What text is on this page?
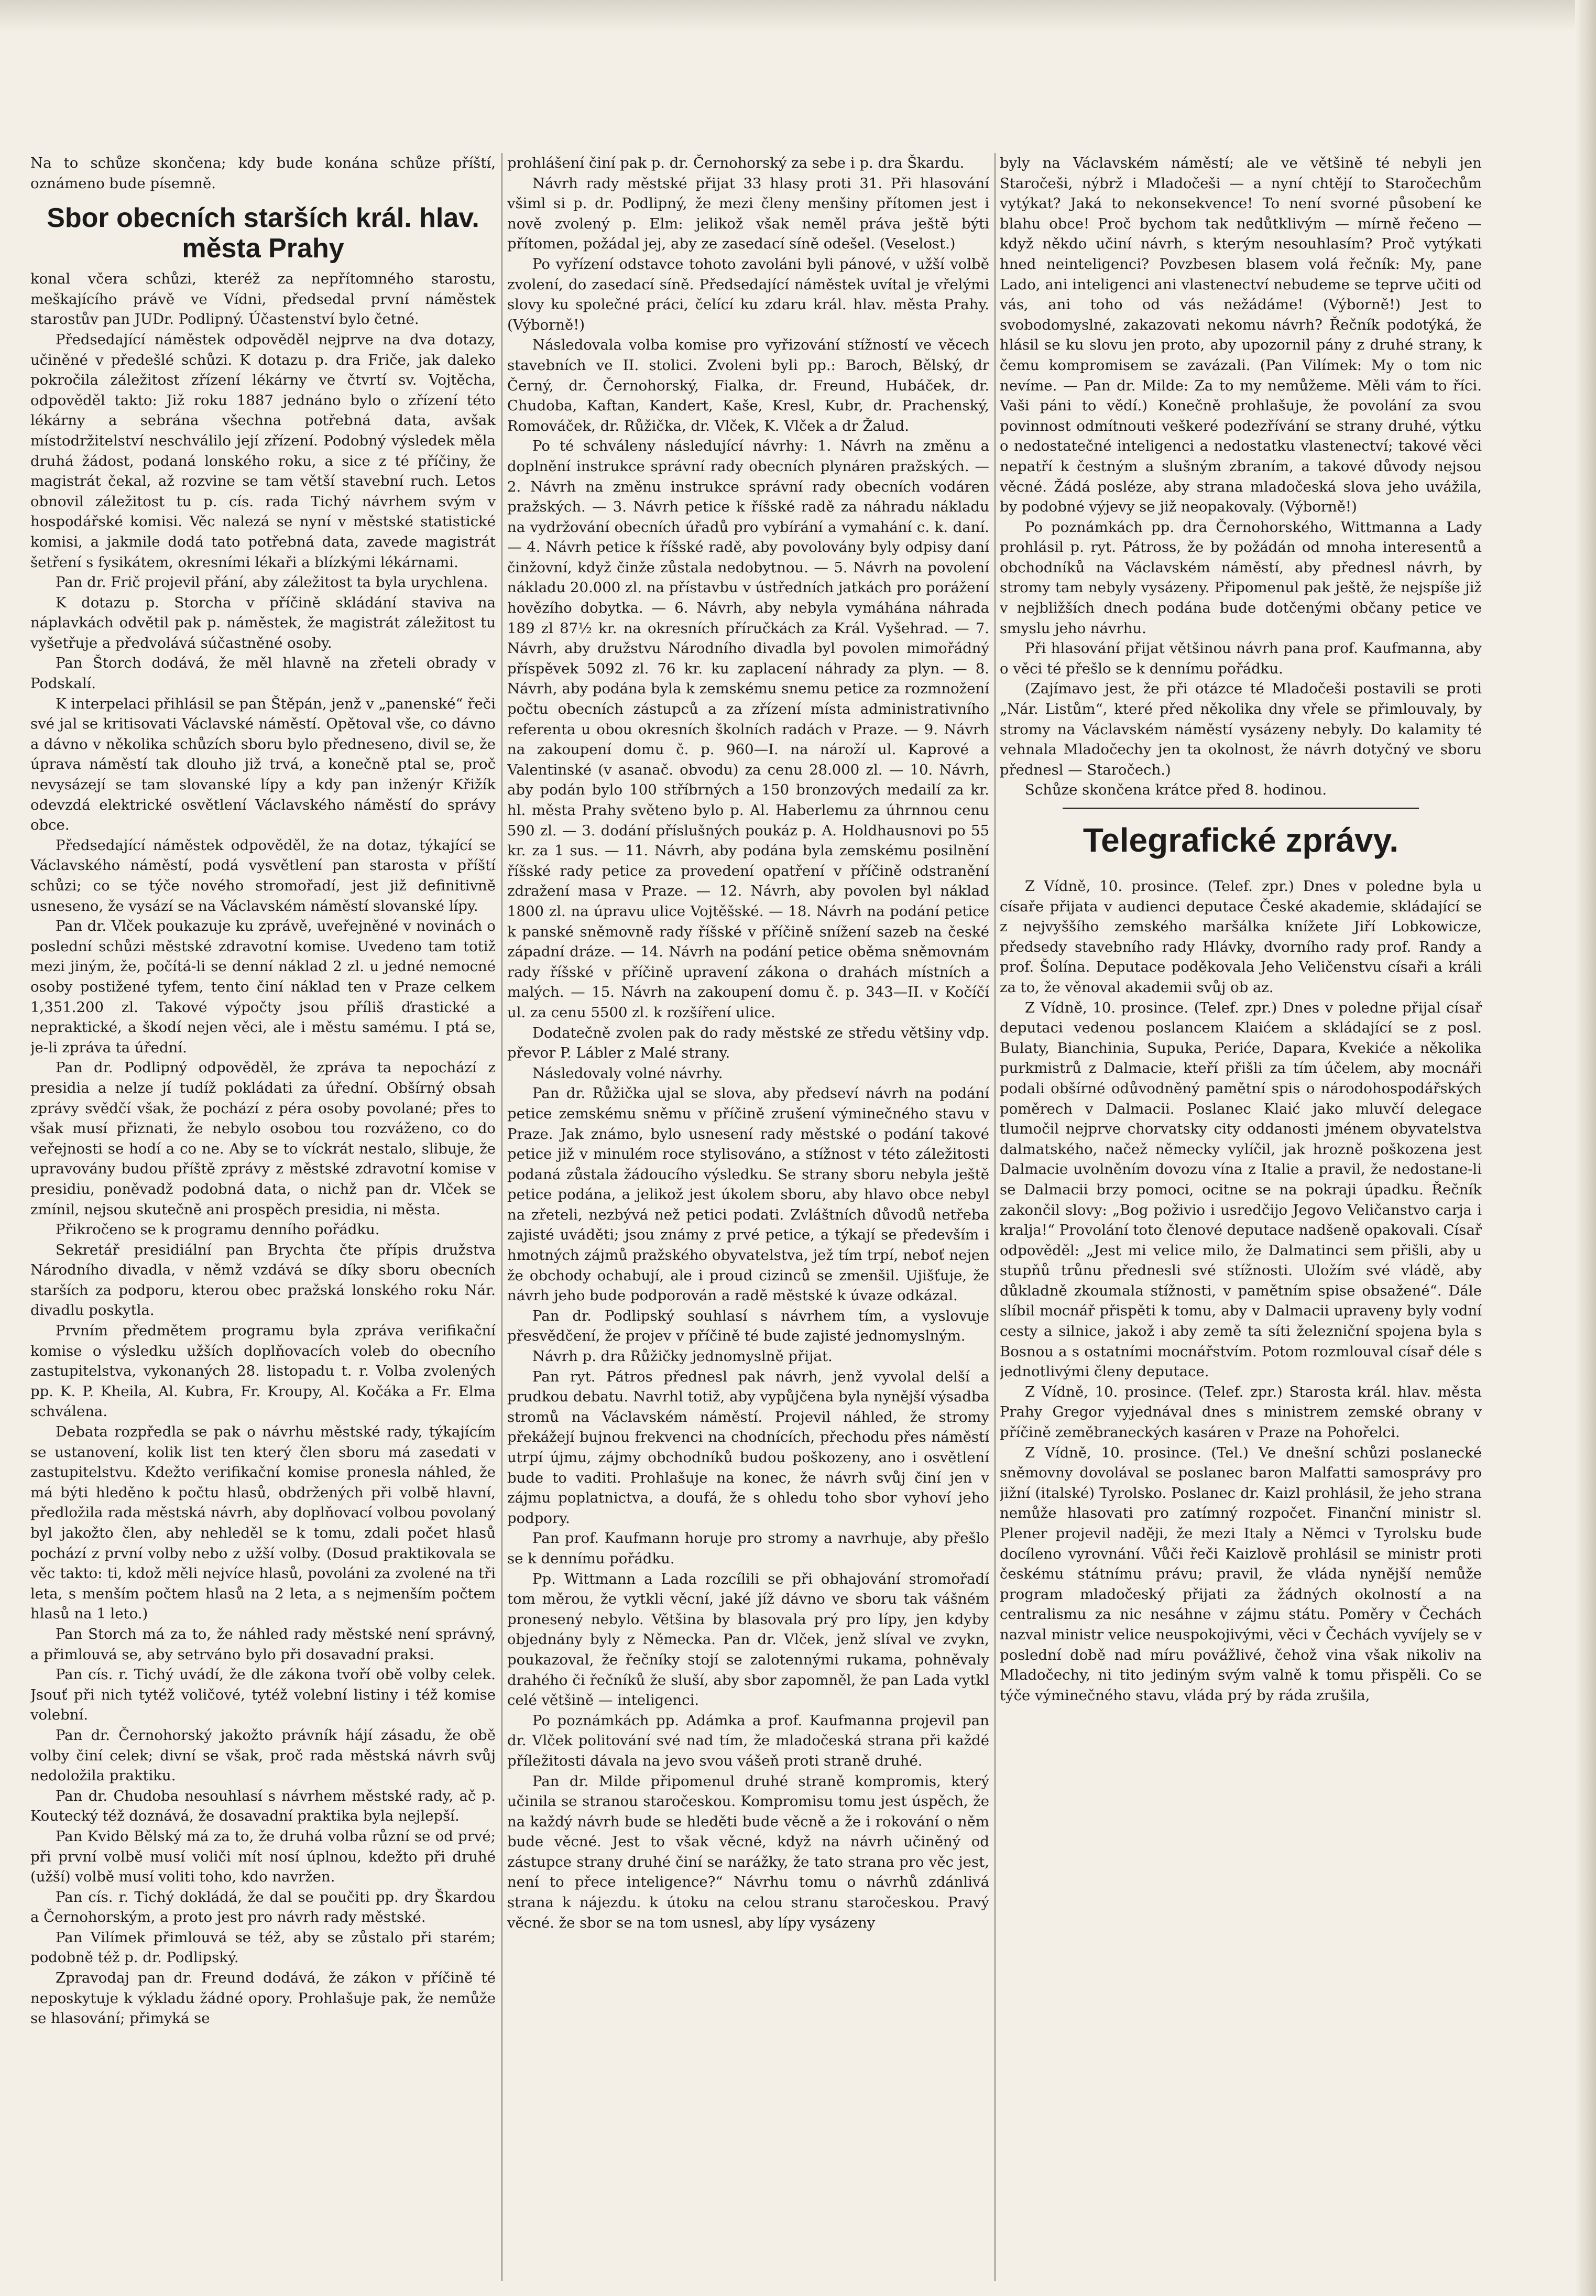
Na to schůze skončena; kdy bude konána schůze příští, oznámeno bude písemně.

Sbor obecních starších král. hlav. města Prahy

konal včera schůzi, kteréž za nepřítomného starostu, meškajícího právě ve Vídni, předsedal první náměstek starostův pan JUDr. Podlipný. Účastenství bylo četné.

Předsedající náměstek odpověděl nejprve na dva dotazy, učiněné v předešlé schůzi. K dotazu p. dra Friče, jak daleko pokročila záležitost zřízení lékárny ve čtvrtí sv. Vojtěcha, odpověděl takto: Již roku 1887 jednáno bylo o zřízení této lékárny a sebrána všechna potřebná data, avšak místodržitelství neschválilo její zřízení. Podobný výsledek měla druhá žádost, podaná lonského roku, a sice z té příčiny, že magistrát čekal, až rozvine se tam větší stavební ruch. Letos obnovil záležitost tu p. cís. rada Tichý návrhem svým v hospodářské komisi. Věc nalezá se nyní v městské statistické komisi, a jakmile dodá tato potřebná data, zavede magistrát šetření s fysikátem, okresními lékaři a blízkými lékárnami.

Pan dr. Frič projevil přání, aby záležitost ta byla urychlena.

K dotazu p. Storcha v příčině skládání staviva na náplavkách odvětil pak p. náměstek, že magistrát záležitost tu vyšetřuje a předvolává súčastněné osoby.

Pan Štorch dodává, že měl hlavně na zřeteli obrady v Podskalí.

K interpelaci přihlásil se pan Štěpán, jenž v „panenské“ řeči své jal se kritisovati Václavské náměstí. Opětoval vše, co dávno a dávno v několika schůzích sboru bylo předneseno, divil se, že úprava náměstí tak dlouho již trvá, a konečně ptal se, proč nevysázejí se tam slovanské lípy a kdy pan inženýr Křižík odevzdá elektrické osvětlení Václavského náměstí do správy obce.

Předsedající náměstek odpověděl, že na dotaz, týkající se Václavského náměstí, podá vysvětlení pan starosta v příští schůzi; co se týče nového stromořadí, jest již definitivně usneseno, že vysází se na Václavském náměstí slovanské lípy.

Pan dr. Vlček poukazuje ku zprávě, uveřejněné v novinách o poslední schůzi městské zdravotní komise. Uvedeno tam totiž mezi jiným, že, počítá-li se denní náklad 2 zl. u jedné nemocné osoby postižené tyfem, tento činí náklad ten v Praze celkem 1,351.200 zl. Takové výpočty jsou příliš ďrastické a nepraktické, a škodí nejen věci, ale i městu samému. I ptá se, je-li zpráva ta úřední.

Pan dr. Podlipný odpověděl, že zpráva ta nepochází z presidia a nelze jí tudíž pokládati za úřední. Obšírný obsah zprávy svědčí však, že pochází z péra osoby povolané; přes to však musí přiznati, že nebylo osobou tou rozváženo, co do veřejnosti se hodí a co ne. Aby se to víckrát nestalo, slibuje, že upravovány budou příště zprávy z městské zdravotní komise v presidiu, poněvadž podobná data, o nichž pan dr. Vlček se zmínil, nejsou skutečně ani prospěch presidia, ni města.

Přikročeno se k programu denního pořádku.

Sekretář presidiální pan Brychta čte přípis družstva Národního divadla, v němž vzdává se díky sboru obecních starších za podporu, kterou obec pražská lonského roku Nár. divadlu poskytla.

Prvním předmětem programu byla zpráva verifikační komise o výsledku užších doplňovacích voleb do obecního zastupitelstva, vykonaných 28. listopadu t. r. Volba zvolených pp. K. P. Kheila, Al. Kubra, Fr. Kroupy, Al. Kočáka a Fr. Elma schválena.

Debata rozpředla se pak o návrhu městské rady, týkajícím se ustanovení, kolik list ten který člen sboru má zasedati v zastupitelstvu. Kdežto verifikační komise pronesla náhled, že má býti hleděno k počtu hlasů, obdržených při volbě hlavní, předložila rada městská návrh, aby doplňovací volbou povolaný byl jakožto člen, aby nehleděl se k tomu, zdali počet hlasů pochází z první volby nebo z užší volby. (Dosud praktikovala se věc takto: ti, kdož měli nejvíce hlasů, povoláni za zvolené na tři leta, s menším počtem hlasů na 2 leta, a s nejmenším počtem hlasů na 1 leto.)

Pan Storch má za to, že náhled rady městské není správný, a přimlouvá se, aby setrváno bylo při dosavadní praksi.

Pan cís. r. Tichý uvádí, že dle zákona tvoří obě volby celek. Jsouť při nich tytéž voličové, tytéž volební listiny i též komise volební.

Pan dr. Černohorský jakožto právník hájí zásadu, že obě volby činí celek; divní se však, proč rada městská návrh svůj nedoložila praktiku.

Pan dr. Chudoba nesouhlasí s návrhem městské rady, ač p. Koutecký též doznává, že dosavadní praktika byla nejlepší.

Pan Kvido Bělský má za to, že druhá volba různí se od prvé; při první volbě musí voliči mít nosí úplnou, kdežto při druhé (užší) volbě musí voliti toho, kdo navržen.

Pan cís. r. Tichý dokládá, že dal se poučiti pp. dry Škardou a Černohorským, a proto jest pro návrh rady městské.

Pan Vilímek přimlouvá se též, aby se zůstalo při starém; podobně též p. dr. Podlipský.

Zpravodaj pan dr. Freund dodává, že zákon v příčině té neposkytuje k výkladu žádné opory. Prohlašuje pak, že nemůže se hlasování; přimyká se

prohlášení činí pak p. dr. Černohorský za sebe i p. dra Škardu.

Návrh rady městské přijat 33 hlasy proti 31. Při hlasování všiml si p. dr. Podlipný, že mezi členy menšiny přítomen jest i nově zvolený p. Elm: jelikož však neměl práva ještě býti přítomen, požádal jej, aby ze zasedací síně odešel. (Veselost.)

Po vyřízení odstavce tohoto zavoláni byli pánové, v užší volbě zvolení, do zasedací síně. Předsedající náměstek uvítal je vřelými slovy ku společné práci, čelící ku zdaru král. hlav. města Prahy. (Výborně!)

Následovala volba komise pro vyřizování stížností ve věcech stavebních ve II. stolici. Zvoleni byli pp.: Baroch, Bělský, dr Černý, dr. Černohorský, Fialka, dr. Freund, Hubáček, dr. Chudoba, Kaftan, Kandert, Kaše, Kresl, Kubr, dr. Prachenský, Romováček, dr. Růžička, dr. Vlček, K. Vlček a dr Žalud.

Po té schváleny následující návrhy: 1. Návrh na změnu a doplnění instrukce správní rady obecních plynáren pražských. — 2. Návrh na změnu instrukce správní rady obecních vodáren pražských. — 3. Návrh petice k říšské radě za náhradu nákladu na vydržování obecních úřadů pro vybírání a vymahání c. k. daní. — 4. Návrh petice k říšské radě, aby povolovány byly odpisy daní činžovní, když činže zůstala nedobytnou. — 5. Návrh na povolení nákladu 20.000 zl. na přístavbu v ústředních jatkách pro porážení hovězího dobytka. — 6. Návrh, aby nebyla vymáhána náhrada 189 zl 87½ kr. na okresních příručkách za Král. Vyšehrad. — 7. Návrh, aby družstvu Národního divadla byl povolen mimořádný příspěvek 5092 zl. 76 kr. ku zaplacení náhrady za plyn. — 8. Návrh, aby podána byla k zemskému snemu petice za rozmnožení počtu obecních zástupců a za zřízení místa administrativního referenta u obou okresních školních radách v Praze. — 9. Návrh na zakoupení domu č. p. 960—I. na nároží ul. Kaprové a Valentinské (v asanač. obvodu) za cenu 28.000 zl. — 10. Návrh, aby podán bylo 100 stříbrných a 150 bronzových medailí za kr. hl. města Prahy světeno bylo p. Al. Haberlemu za úhrnnou cenu 590 zl. — 3. dodání příslušných poukáz p. A. Holdhausnovi po 55 kr. za 1 sus. — 11. Návrh, aby podána byla zemskému posilnění říšské rady petice za provedení opatření v příčině odstranění zdražení masa v Praze. — 12. Návrh, aby povolen byl náklad 1800 zl. na úpravu ulice Vojtěšské. — 18. Návrh na podání petice k panské sněmovně rady říšské v příčině snížení sazeb na české západní dráze. — 14. Návrh na podání petice oběma sněmovnám rady říšské v příčině upravení zákona o drahách místních a malých. — 15. Návrh na zakoupení domu č. p. 343—II. v Kočíčí ul. za cenu 5500 zl. k rozšíření ulice.

Dodatečně zvolen pak do rady městské ze středu většiny vdp. převor P. Lábler z Malé strany.

Následovaly volné návrhy.

Pan dr. Růžička ujal se slova, aby předseví návrh na podání petice zemskému sněmu v příčině zrušení výminečného stavu v Praze. Jak známo, bylo usnesení rady městské o podání takové petice již v minulém roce stylisováno, a stížnost v této záležitosti podaná zůstala žádoucího výsledku. Se strany sboru nebyla ještě petice podána, a jelikož jest úkolem sboru, aby hlavo obce nebyl na zřeteli, nezbývá než petici podati. Zvláštních důvodů netřeba zajisté uváděti; jsou známy z prvé petice, a týkají se především i hmotných zájmů pražského obyvatelstva, jež tím trpí, neboť nejen že obchody ochabují, ale i proud cizinců se zmenšil. Ujišťuje, že návrh jeho bude podporován a radě městské k úvaze odkázal.

Pan dr. Podlipský souhlasí s návrhem tím, a vyslovuje přesvědčení, že projev v příčině té bude zajisté jednomyslným.

Návrh p. dra Růžičky jednomyslně přijat.

Pan ryt. Pátros přednesl pak návrh, jenž vyvolal delší a prudkou debatu. Navrhl totiž, aby vypůjčena byla nynější výsadba stromů na Václavském náměstí. Projevil náhled, že stromy překážejí bujnou frekvenci na chodnících, přechodu přes náměstí utrpí újmu, zájmy obchodníků budou poškozeny, ano i osvětlení bude to vaditi. Prohlašuje na konec, že návrh svůj činí jen v zájmu poplatnictva, a doufá, že s ohledu toho sbor vyhoví jeho podpory.

Pan prof. Kaufmann horuje pro stromy a navrhuje, aby přešlo se k dennímu pořádku.

Pp. Wittmann a Lada rozcílili se při obhajování stromořadí tom měrou, že vytkli věcní, jaké jíž dávno ve sboru tak vášném pronesený nebylo. Většina by blasovala prý pro lípy, jen kdyby objednány byly z Německa. Pan dr. Vlček, jenž slíval ve zvykn, poukazoval, že řečníky stojí se zalotennými rukama, pohněvaly drahého či řečníků že sluší, aby sbor zapomněl, že pan Lada vytkl celé většině — inteligenci.

Po poznámkách pp. Adámka a prof. Kaufmanna projevil pan dr. Vlček politování své nad tím, že mladočeská strana při každé příležitosti dávala na jevo svou vášeň proti straně druhé.

Pan dr. Milde připomenul druhé straně kompromis, který učinila se stranou staročeskou. Kompromisu tomu jest úspěch, že na každý návrh bude se hleděti bude věcně a že i rokování o něm bude věcné. Jest to však věcné, když na návrh učiněný od zástupce strany druhé činí se narážky, že tato strana pro věc jest, není to přece inteligence?“ Návrhu tomu o návrhů zdánlivá strana k nájezdu. k útoku na celou stranu staročeskou. Pravý věcné. že sbor se na tom usnesl, aby lípy vysázeny

byly na Václavském náměstí; ale ve většině té nebyli jen Staročeši, nýbrž i Mladočeši — a nyní chtějí to Staročechům vytýkat? Jaká to nekonsekvence! To není svorné působení ke blahu obce! Proč bychom tak nedůtklivým — mírně řečeno — když někdo učiní návrh, s kterým nesouhlasím? Proč vytýkati hned neinteligenci? Povzbesen blasem volá řečník: My, pane Lado, ani inteligenci ani vlastenectví nebudeme se teprve učiti od vás, ani toho od vás nežádáme! (Výborně!) Jest to svobodomyslné, zakazovati nekomu návrh? Řečník podotýká, že hlásil se ku slovu jen proto, aby upozornil pány z druhé strany, k čemu kompromisem se zavázali. (Pan Vilímek: My o tom nic nevíme. — Pan dr. Milde: Za to my nemůžeme. Měli vám to říci. Vaši páni to vědí.) Konečně prohlašuje, že povolání za svou povinnost odmítnouti veškeré podezřívání se strany druhé, výtku o nedostatečné inteligenci a nedostatku vlastenectví; takové věci nepatří k čestným a slušným zbraním, a takové důvody nejsou věcné. Žádá posléze, aby strana mladočeská slova jeho uvážila, by podobné výjevy se již neopakovaly. (Výborně!)

Po poznámkách pp. dra Černohorského, Wittmanna a Lady prohlásil p. ryt. Pátross, že by požádán od mnoha interesentů a obchodníků na Václavském náměstí, aby přednesl návrh, by stromy tam nebyly vysázeny. Připomenul pak ještě, že nejspíše již v nejbližších dnech podána bude dotčenými občany petice ve smyslu jeho návrhu.

Při hlasování přijat většinou návrh pana prof. Kaufmanna, aby o věci té přešlo se k dennímu pořádku.

(Zajímavo jest, že při otázce té Mladočeši postavili se proti „Nár. Listům“, které před několika dny vřele se přimlouvaly, by stromy na Václavském náměstí vysázeny nebyly. Do kalamity té vehnala Mladočechy jen ta okolnost, že návrh dotyčný ve sboru přednesl — Staročech.)

Schůze skončena krátce před 8. hodinou.

Telegrafické zprávy.

Z Vídně, 10. prosince. (Telef. zpr.) Dnes v poledne byla u císaře přijata v audienci deputace České akademie, skládající se z nejvyššího zemského maršálka knížete Jiří Lobkowicze, předsedy stavebního rady Hlávky, dvorního rady prof. Randy a prof. Šolína. Deputace poděkovala Jeho Veličenstvu císaři a králi za to, že věnoval akademii svůj ob az.

Z Vídně, 10. prosince. (Telef. zpr.) Dnes v poledne přijal císař deputaci vedenou poslancem Klaićem a skládající se z posl. Bulaty, Bianchinia, Supuka, Periće, Dapara, Kvekiće a několika purkmistrů z Dalmacie, kteří přišli za tím účelem, aby mocnáři podali obšírné odůvodněný pamětní spis o národohospodářských poměrech v Dalmacii. Poslanec Klaić jako mluvčí delegace tlumočil nejprve chorvatsky city oddanosti jménem obyvatelstva dalmatského, načež německy vylíčil, jak hrozně poškozena jest Dalmacie uvolněním dovozu vína z Italie a pravil, že nedostane-li se Dalmacii brzy pomoci, ocitne se na pokraji úpadku. Řečník zakončil slovy: „Bog poživio i usredčijo Jegovo Veličanstvo carja i kralja!“ Provolání toto členové deputace nadšeně opakovali. Císař odpověděl: „Jest mi velice milo, že Dalmatinci sem přišli, aby u stupňů trůnu přednesli své stížnosti. Uložím své vládě, aby důkladně zkoumala stížnosti, v pamětním spise obsažené“. Dále slíbil mocnář přispěti k tomu, aby v Dalmacii upraveny byly vodní cesty a silnice, jakož i aby země ta síti železniční spojena byla s Bosnou a s ostatními mocnářstvím. Potom rozmlouval císař déle s jednotlivými členy deputace.

Z Vídně, 10. prosince. (Telef. zpr.) Starosta král. hlav. města Prahy Gregor vyjednával dnes s ministrem zemské obrany v příčině zeměbraneckých kasáren v Praze na Pohořelci.

Z Vídně, 10. prosince. (Tel.) Ve dnešní schůzi poslanecké sněmovny dovolával se poslanec baron Malfatti samosprávy pro jižní (italské) Tyrolsko. Poslanec dr. Kaizl prohlásil, že jeho strana nemůže hlasovati pro zatímný rozpočet. Finanční ministr sl. Plener projevil naději, že mezi Italy a Němci v Tyrolsku bude docíleno vyrovnání. Vůči řeči Kaizlově prohlásil se ministr proti českému státnímu právu; pravil, že vláda nynější nemůže program mladočeský přijati za žádných okolností a na centralismu za nic nesáhne v zájmu státu. Poměry v Čechách nazval ministr velice neuspokojivými, věci v Čechách vyvíjely se v poslední době nad míru povážlivé, čehož vina však nikoliv na Mladočechy, ni tito jediným svým valně k tomu přispěli. Co se týče výminečného stavu, vláda prý by ráda zrušila,
